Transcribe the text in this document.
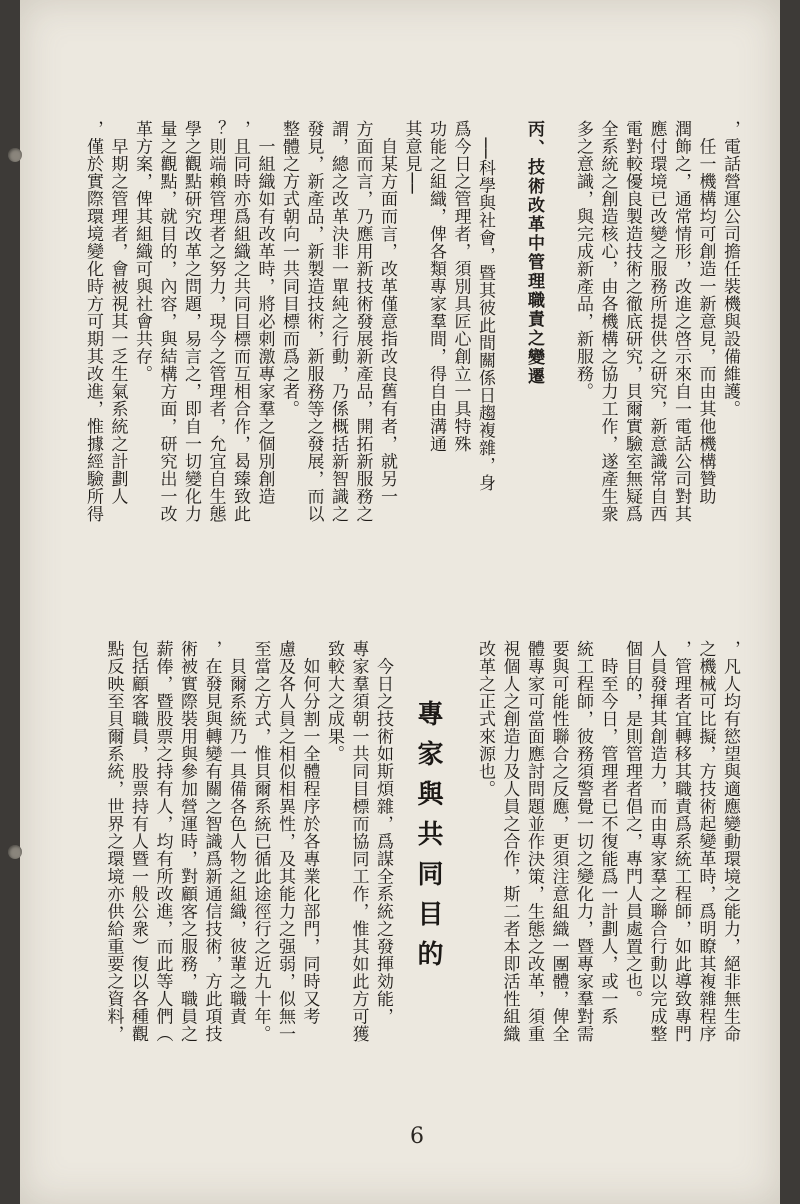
，電話營運公司擔任裝機與設備維護。
　任一機構均可創造一新意見，而由其他機構贊助
潤飾之，通常情形，改進之啓示來自一電話公司對其
應付環境已改變之服務所提供之研究，新意識常自西
電對較優良製造技術之徹底研究，貝爾實驗室無疑爲
全系統之創造核心，由各機構之協力工作，遂產生衆
多之意識，與完成新產品，新服務。

丙、技術改革中管理職責之變遷

　──科學與社會，暨其彼此間關係日趨複雜，身
爲今日之管理者，須別具匠心創立一具特殊
功能之組織，俾各類專家羣間，得自由溝通
其意見──
　自某方面而言，改革僅意指改良舊有者，就另一
方面而言，乃應用新技術發展新產品，開拓新服務之
謂，總之改革決非一單純之行動，乃係概括新智識之
發見，新產品，新製造技術，新服務等之發展，而以
整體之方式朝向一共同目標而爲之者。
　一組織如有改革時，將必刺激專家羣之個別創造
，且同時亦爲組織之共同目標而互相合作，曷臻致此
？則端賴管理者之努力，現今之管理者，允宜自生態
學之觀點研究改革之問題，易言之，即自一切變化力
量之觀點，就目的，內容，與結構方面，研究出一改
革方案，俾其組織可與社會共存。
　早期之管理者，會被視其一乏生氣系統之計劃人
，僅於實際環境變化時方可期其改進，惟據經驗所得
，凡人均有慾望與適應變動環境之能力，絕非無生命
之機械可比擬，方技術起變革時，爲明瞭其複雜程序
，管理者宜轉移其職責爲系統工程師，如此導致專門
人員發揮其創造力，而由專家羣之聯合行動以完成整
個目的，是則管理者倡之，專門人員處置之也。
　時至今日，管理者已不復能爲一計劃人，或一系
統工程師，彼務須警覺一切之變化力，暨專家羣對需
要與可能性聯合之反應，更須注意組織一團體，俾全
體專家可當面應討問題並作決策，生態之改革，須重
視個人之創造力及人員之合作，斯二者本即活性組織
改革之正式來源也。
專家與共同目的
　今日之技術如斯煩雜，爲謀全系統之發揮効能，
專家羣須朝一共同目標而協同工作，惟其如此方可獲
致較大之成果。
　如何分割一全體程序於各專業化部門，同時又考
慮及各人員之相似相異性，及其能力之强弱，似無一
至當之方式，惟貝爾系統已循此途徑行之近九十年。
　貝爾系統乃一具備各色人物之組織，彼輩之職責
，在發見與轉變有關之智識爲新通信技術，方此項技
術被實際裝用與參加營運時，對顧客之服務，職員之
薪俸，暨股票之持有人，均有所改進，而此等人們（
包括顧客職員，股票持有人暨一般公衆）復以各種觀
點反映至貝爾系統，世界之環境亦供給重要之資料，
6
